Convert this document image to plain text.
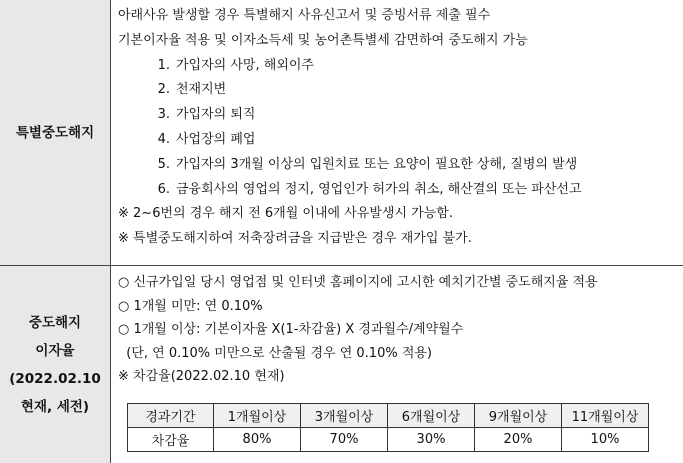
특별중도해지
아래사유 발생할 경우 특별해지 사유신고서 및 증빙서류 제출 필수
기본이자율 적용 및 이자소득세 및 농어촌특별세 감면하여 중도해지 가능
1. 가입자의 사망, 해외이주
2. 천재지변
3. 가입자의 퇴직
4. 사업장의 폐업
5. 가입자의 3개월 이상의 입원치료 또는 요양이 필요한 상해, 질병의 발생
6. 금융회사의 영업의 정지, 영업인가 허가의 취소, 해산결의 또는 파산선고
※ 2~6번의 경우 해지 전 6개월 이내에 사유발생시 가능함.
※ 특별중도해지하여 저축장려금을 지급받은 경우 재가입 불가.
중도해지
이자율
(2022.02.10
현재, 세전)
○ 신규가입일 당시 영업점 및 인터넷 홈페이지에 고시한 예치기간별 중도해지율 적용
○ 1개월 미만: 연 0.10%
○ 1개월 이상: 기본이자율 X(1-차감율) X 경과월수/계약월수
(단, 연 0.10% 미만으로 산출될 경우 연 0.10% 적용)
※ 차감율(2022.02.10 현재)
경과기간	1개월이상	3개월이상	6개월이상	9개월이상	11개월이상
차감율	80%	70%	30%	20%	10%
